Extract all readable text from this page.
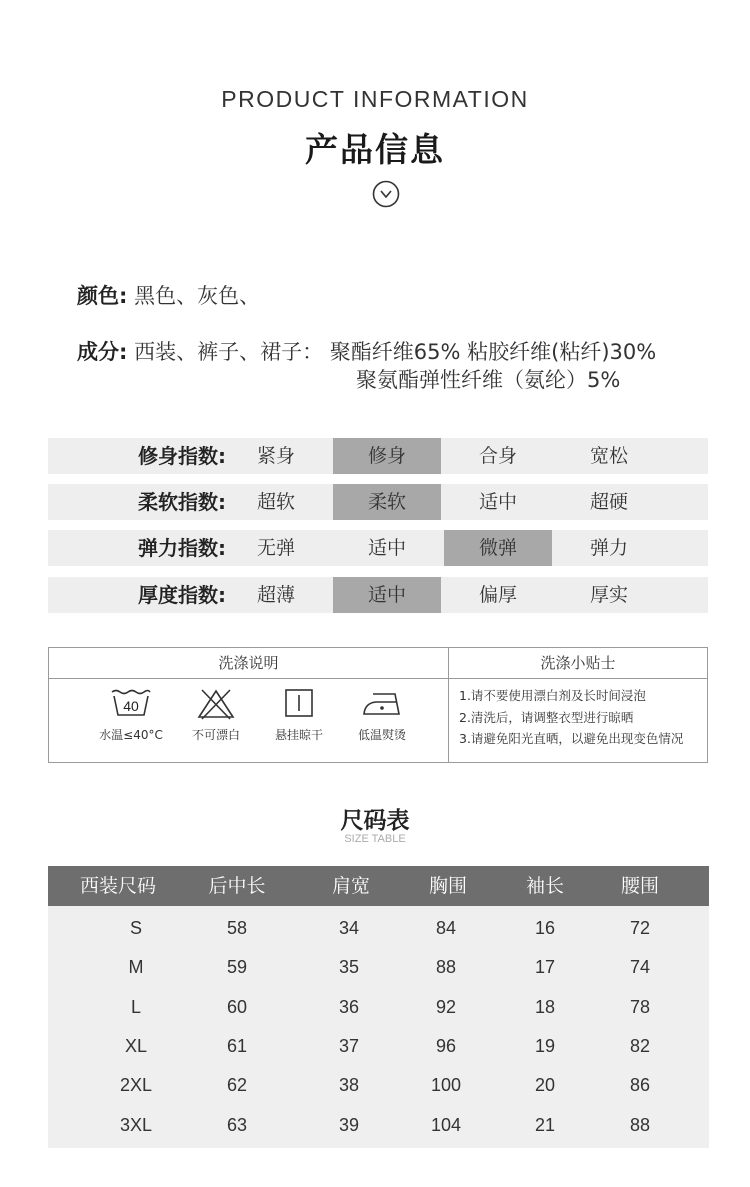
PRODUCT INFORMATION
产品信息
颜色: 黑色、灰色、
成分: 西装、裤子、裙子： 聚酯纤维65% 粘胶纤维(粘纤)30%
聚氨酯弹性纤维（氨纶）5%
修身指数:	紧身	修身	合身	宽松
柔软指数:	超软	柔软	适中	超硬
弹力指数:	无弹	适中	微弹	弹力
厚度指数:	超薄	适中	偏厚	厚实
洗涤说明	洗涤小贴士
40
水温≤40°C	不可漂白	悬挂晾干	低温熨烫
1.请不要使用漂白剂及长时间浸泡
2.清洗后，请调整衣型进行晾晒
3.请避免阳光直晒，以避免出现变色情况
尺码表
SIZE TABLE
西装尺码	后中长	肩宽	胸围	袖长	腰围
S	58	34	84	16	72
M	59	35	88	17	74
L	60	36	92	18	78
XL	61	37	96	19	82
2XL	62	38	100	20	86
3XL	63	39	104	21	88
